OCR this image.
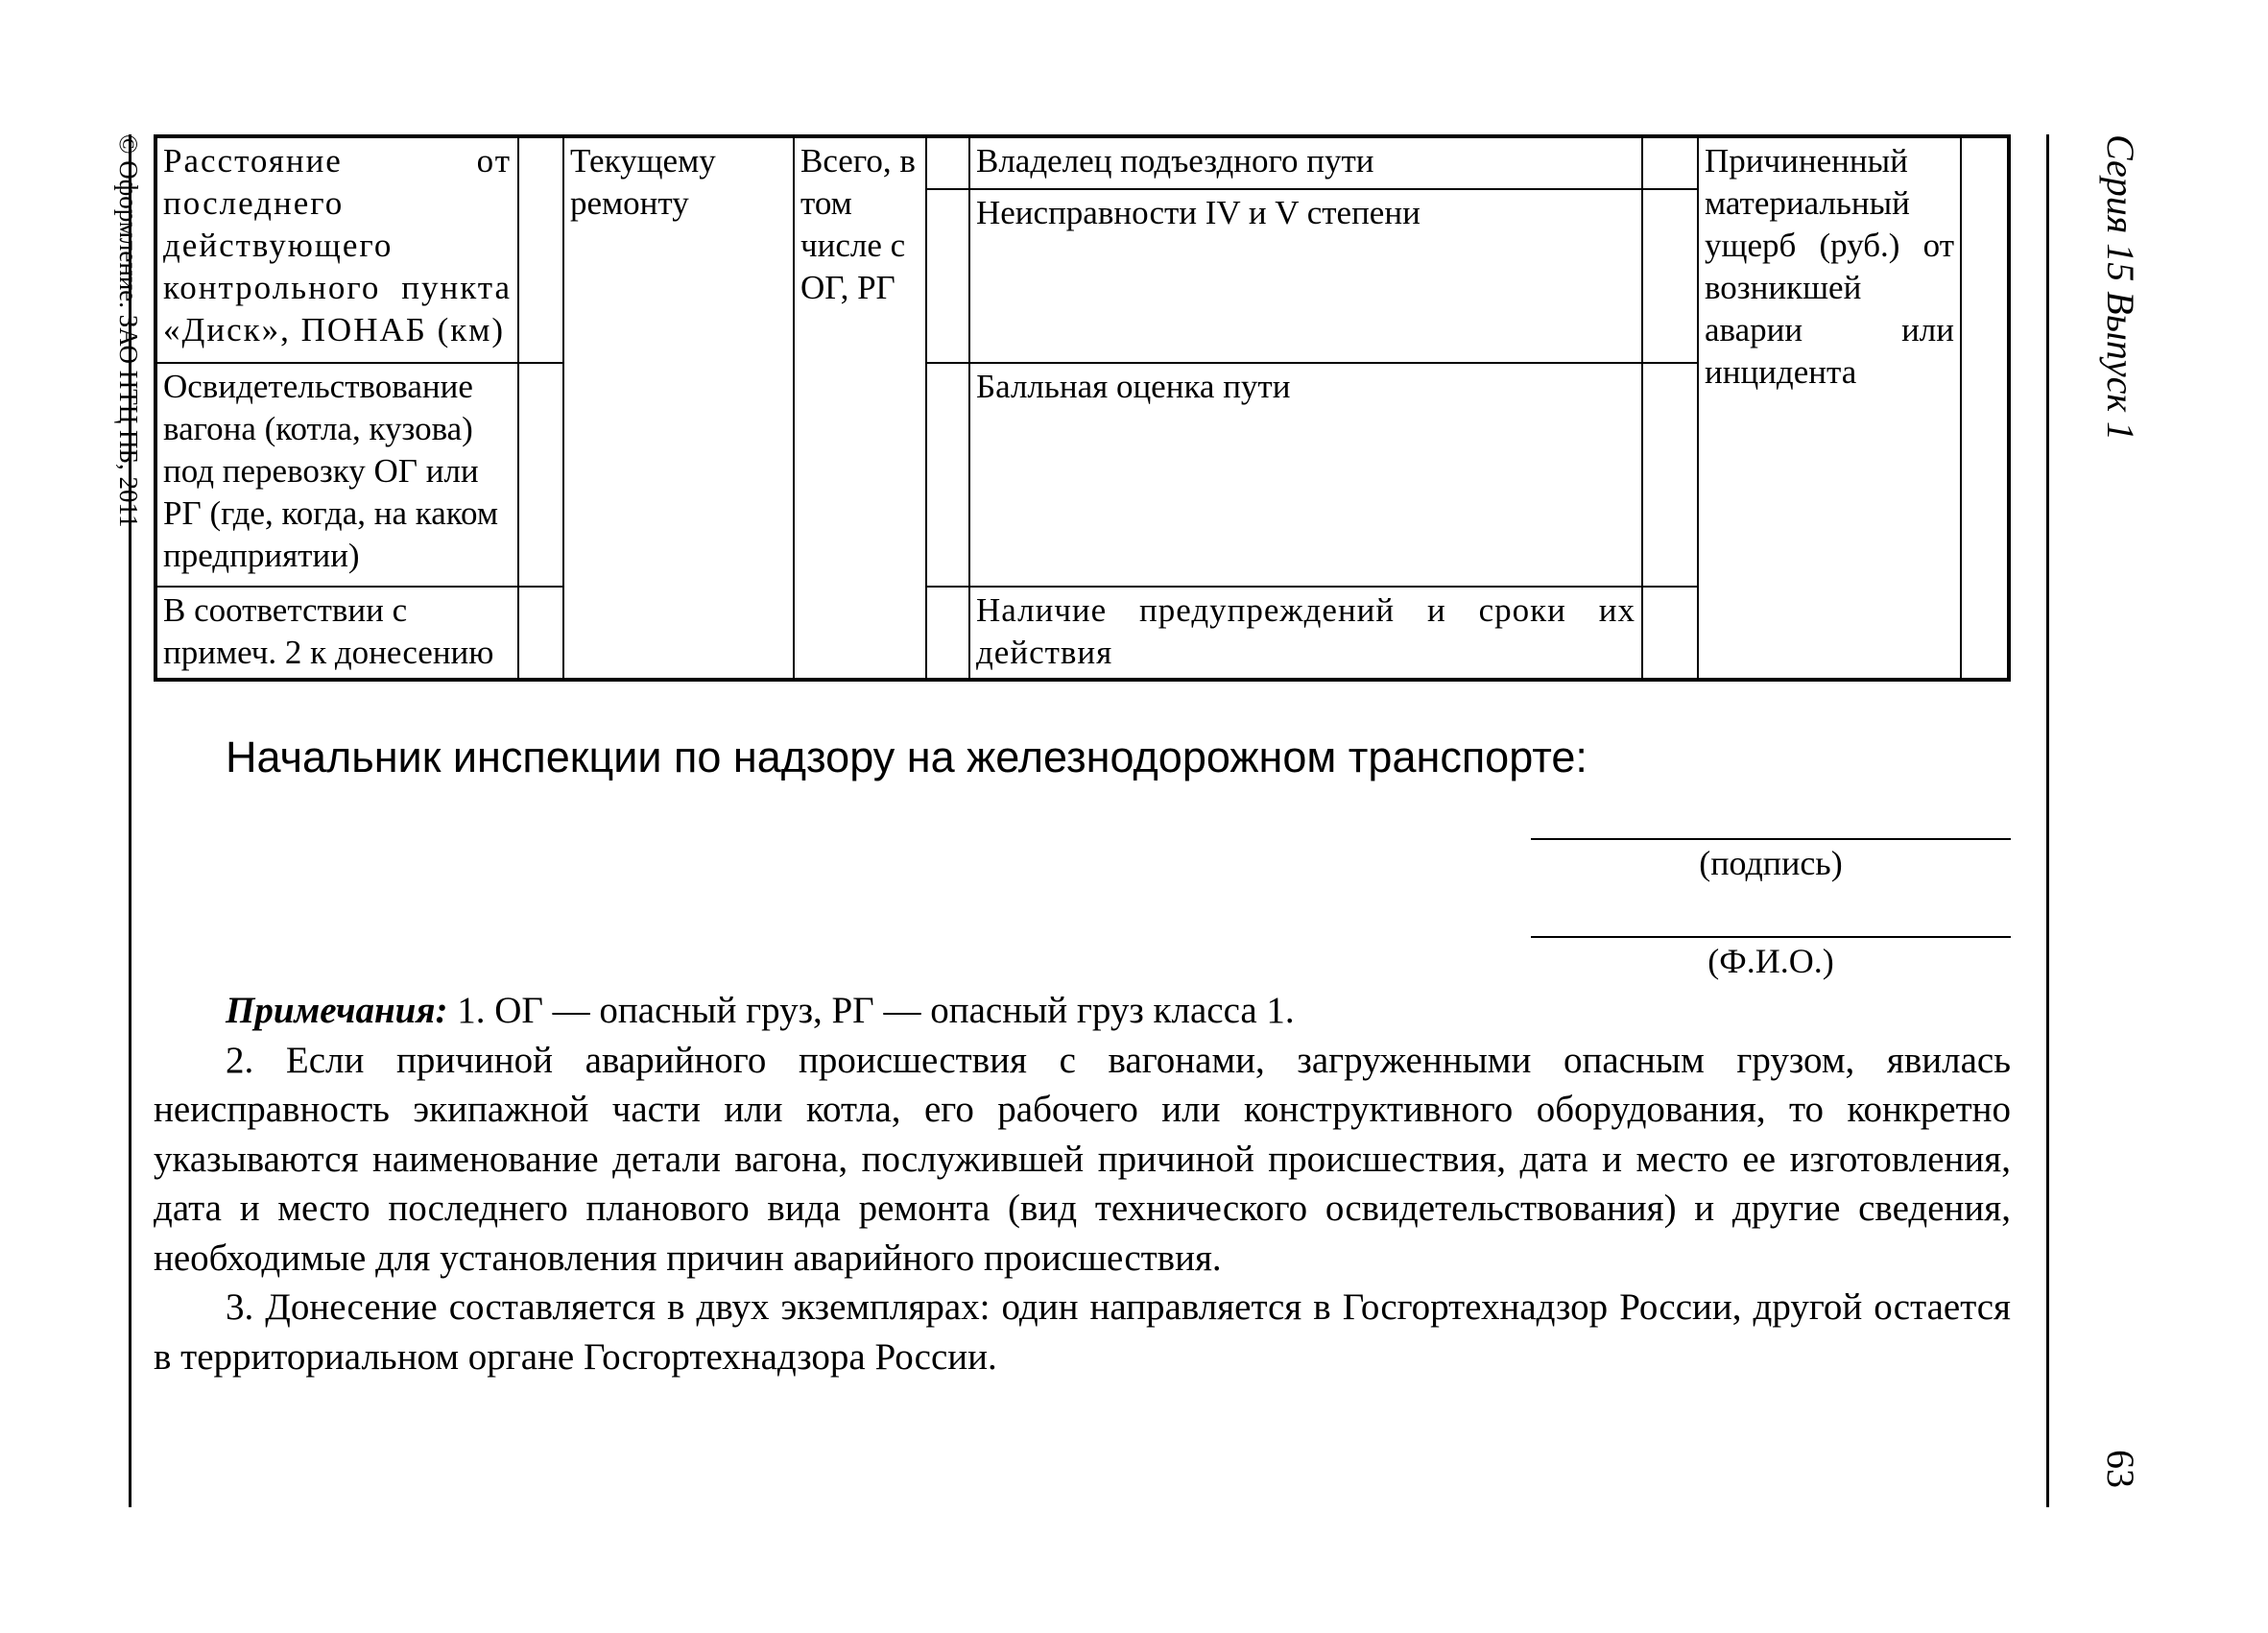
© Оформление. ЗАО НТЦ ПБ, 2011	Серия 15 Выпуск 1
63
Расстояние от последнего действующего контрольного пункта «Диск», ПОНАБ (км)
Освидетельствование вагона (котла, кузова) под перевозку ОГ или РГ (где, когда, на каком предприятии)
В соответствии с примеч. 2 к донесению
Текущему ремонту
Всего, в том числе с ОГ, РГ
Владелец подъездного пути
Неисправности IV и V степени
Балльная оценка пути
Наличие предупреждений и сроки их действия
Причиненный материальный ущерб (руб.) от возникшей аварии или инцидента
Начальник инспекции по надзору на железнодорожном транспорте:
(подпись)
(Ф.И.О.)

Примечания: 1. ОГ — опасный груз, РГ — опасный груз класса 1.

2. Если причиной аварийного происшествия с вагонами, загруженными опасным грузом, явилась неисправность экипажной части или котла, его рабочего или конструктивного оборудования, то конкретно указываются наименование детали вагона, послужившей причиной происшествия, дата и место ее изготовления, дата и место последнего планового вида ремонта (вид технического освидетельствования) и другие сведения, необходимые для установления причин аварийного происшествия.

3. Донесение составляется в двух экземплярах: один направляется в Госгортехнадзор России, другой остается в территориальном органе Госгортехнадзора России.
